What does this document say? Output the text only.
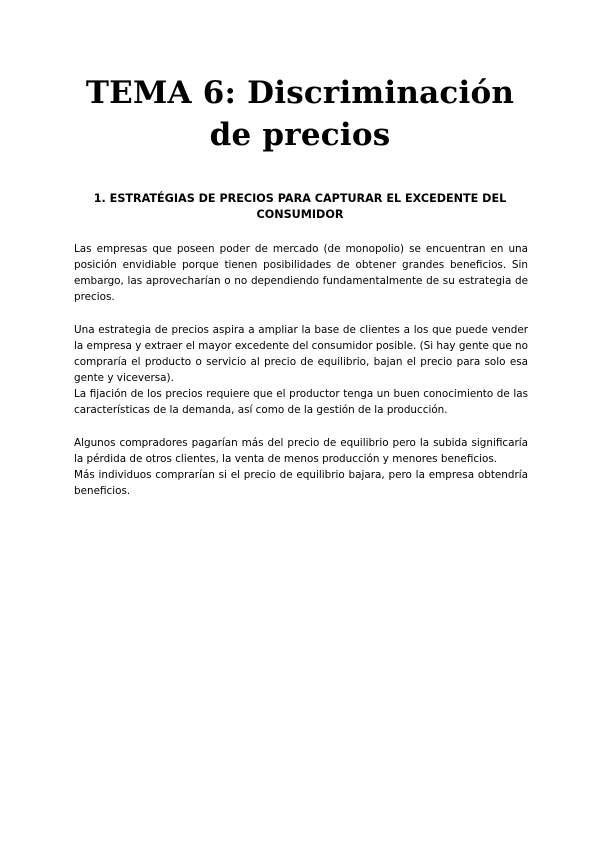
TEMA 6: Discriminación de precios
1. ESTRATÉGIAS DE PRECIOS PARA CAPTURAR EL EXCEDENTE DEL CONSUMIDOR

Las empresas que poseen poder de mercado (de monopolio) se encuentran en una posición envidiable porque tienen posibilidades de obtener grandes beneficios. Sin embargo, las aprovecharían o no dependiendo fundamentalmente de su estrategia de precios.

Una estrategia de precios aspira a ampliar la base de clientes a los que puede vender la empresa y extraer el mayor excedente del consumidor posible. (Si hay gente que no compraría el producto o servicio al precio de equilibrio, bajan el precio para solo esa gente y viceversa).

La fijación de los precios requiere que el productor tenga un buen conocimiento de las características de la demanda, así como de la gestión de la producción.

Algunos compradores pagarían más del precio de equilibrio pero la subida significaría la pérdida de otros clientes, la venta de menos producción y menores beneficios.

Más individuos comprarían si el precio de equilibrio bajara, pero la empresa obtendría beneficios.
